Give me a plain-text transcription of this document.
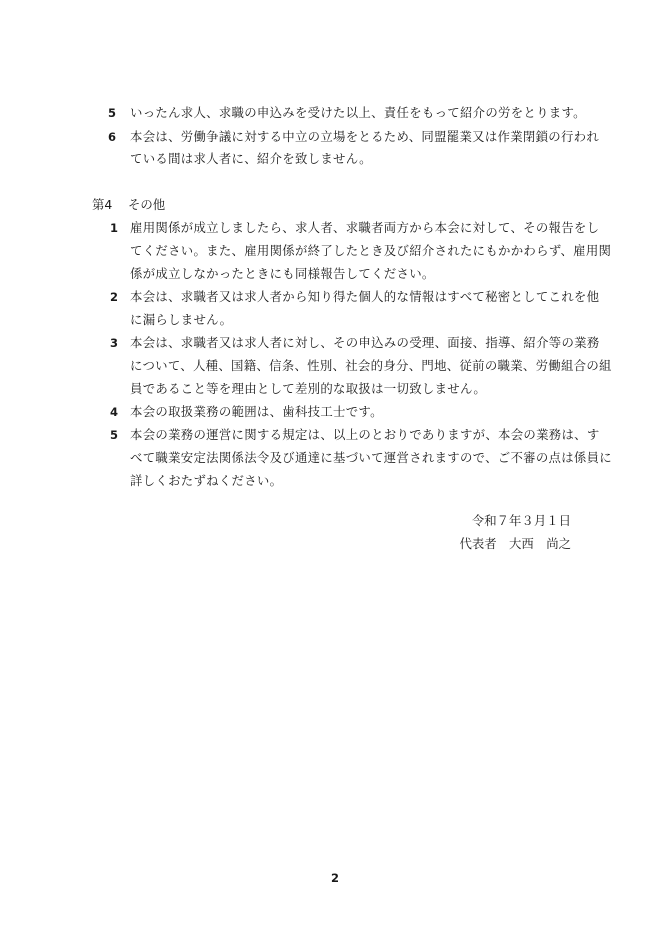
5 いったん求人、求職の申込みを受けた以上、責任をもって紹介の労をとります。
6 本会は、労働争議に対する中立の立場をとるため、同盟罷業又は作業閉鎖の行われ
ている間は求人者に、紹介を致しません。
第4 その他
1 雇用関係が成立しましたら、求人者、求職者両方から本会に対して、その報告をし
てください。また、雇用関係が終了したとき及び紹介されたにもかかわらず、雇用関
係が成立しなかったときにも同様報告してください。
2 本会は、求職者又は求人者から知り得た個人的な情報はすべて秘密としてこれを他
に漏らしません。
3 本会は、求職者又は求人者に対し、その申込みの受理、面接、指導、紹介等の業務
について、人種、国籍、信条、性別、社会的身分、門地、従前の職業、労働組合の組
員であること等を理由として差別的な取扱は一切致しません。
4 本会の取扱業務の範囲は、歯科技工士です。
5 本会の業務の運営に関する規定は、以上のとおりでありますが、本会の業務は、す
べて職業安定法関係法令及び通達に基づいて運営されますので、ご不審の点は係員に
詳しくおたずねください。
令和７年３月１日
代表者　大西　尚之
2
